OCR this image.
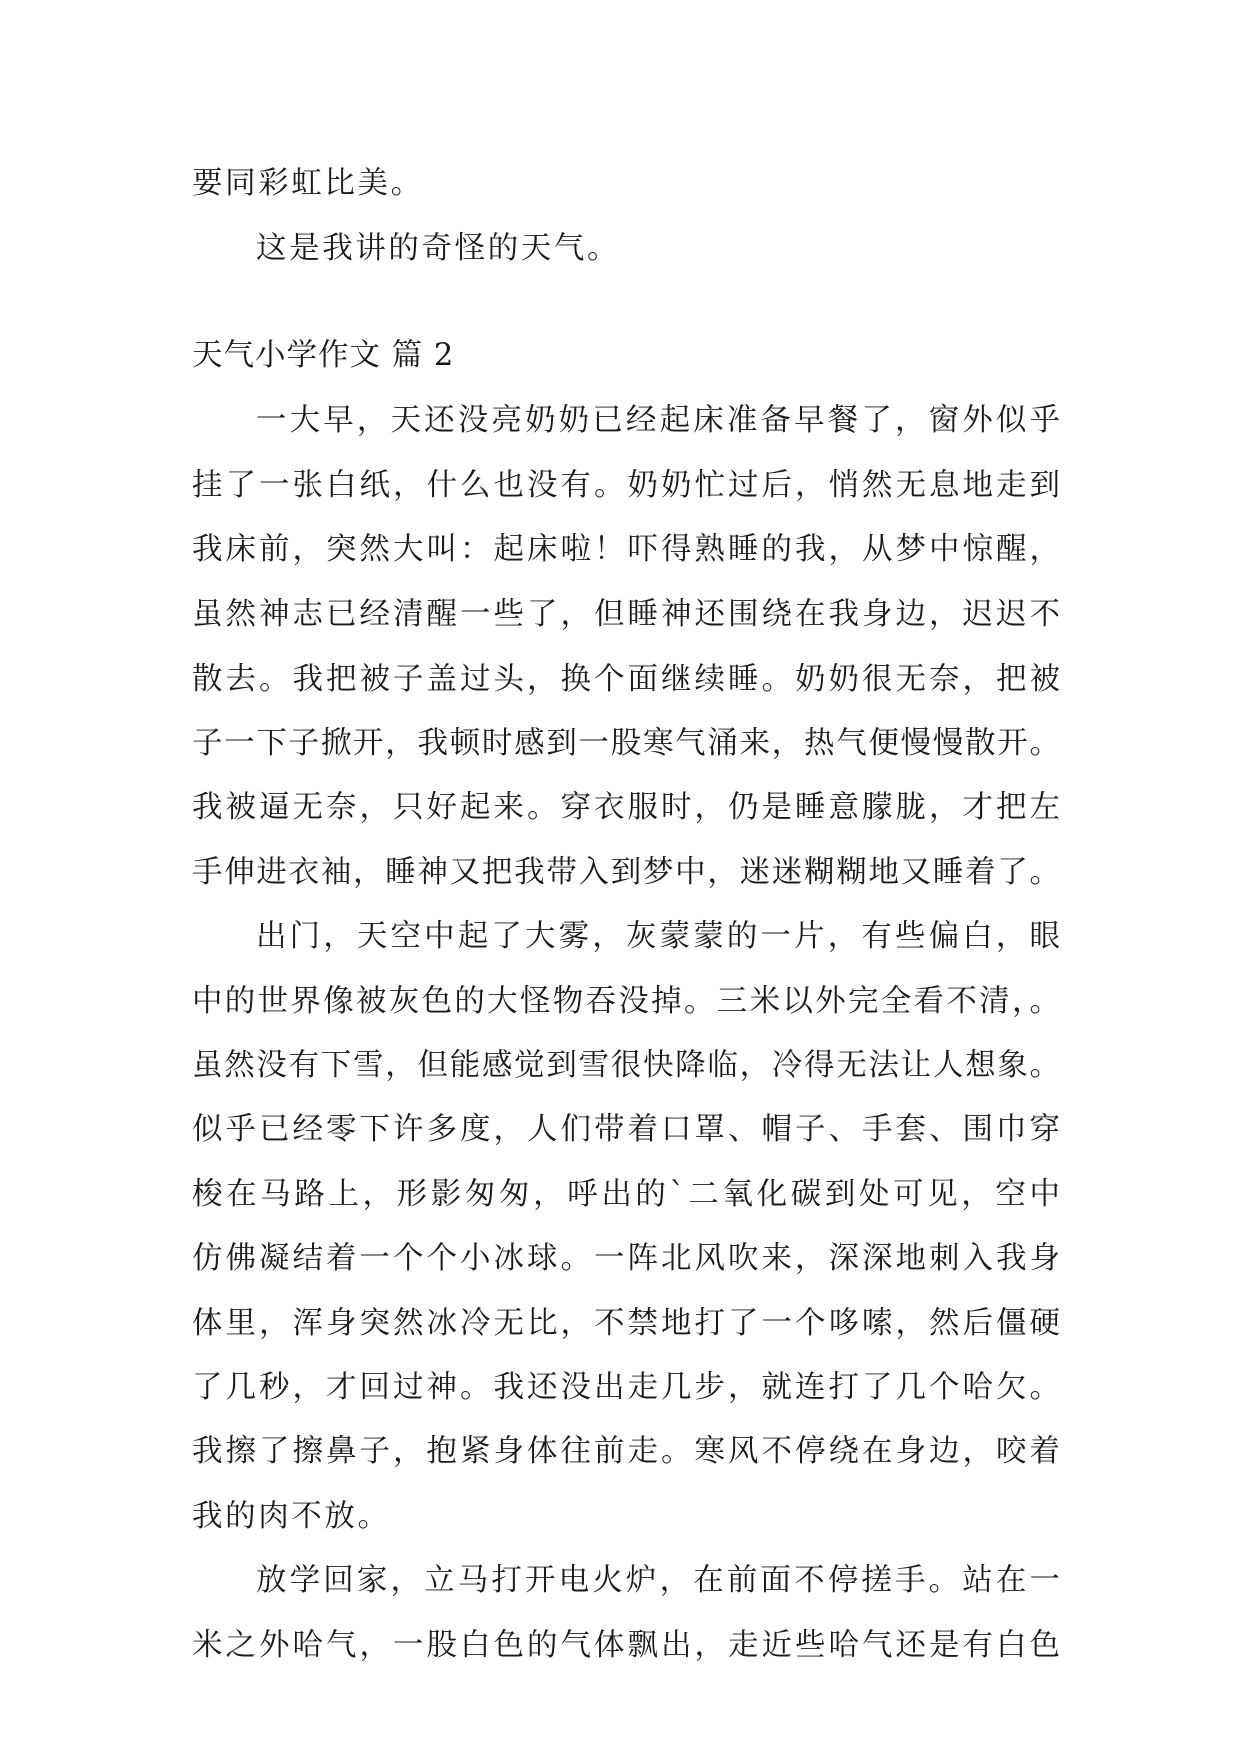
要同彩虹比美。
这是我讲的奇怪的天气。
天气小学作文 篇 2
一大早，天还没亮奶奶已经起床准备早餐了，窗外似乎
挂了一张白纸，什么也没有。奶奶忙过后，悄然无息地走到
我床前，突然大叫：起床啦！吓得熟睡的我，从梦中惊醒，
虽然神志已经清醒一些了，但睡神还围绕在我身边，迟迟不
散去。我把被子盖过头，换个面继续睡。奶奶很无奈，把被
子一下子掀开，我顿时感到一股寒气涌来，热气便慢慢散开。
我被逼无奈，只好起来。穿衣服时，仍是睡意朦胧，才把左
手伸进衣袖，睡神又把我带入到梦中，迷迷糊糊地又睡着了。
出门，天空中起了大雾，灰蒙蒙的一片，有些偏白，眼
中的世界像被灰色的大怪物吞没掉。三米以外完全看不清，。
虽然没有下雪，但能感觉到雪很快降临，冷得无法让人想象。
似乎已经零下许多度，人们带着口罩、帽子、手套、围巾穿
梭在马路上，形影匆匆，呼出的`二氧化碳到处可见，空中
仿佛凝结着一个个小冰球。一阵北风吹来，深深地刺入我身
体里，浑身突然冰冷无比，不禁地打了一个哆嗦，然后僵硬
了几秒，才回过神。我还没出走几步，就连打了几个哈欠。
我擦了擦鼻子，抱紧身体往前走。寒风不停绕在身边，咬着
我的肉不放。
放学回家，立马打开电火炉，在前面不停搓手。站在一
米之外哈气，一股白色的气体飘出，走近些哈气还是有白色
